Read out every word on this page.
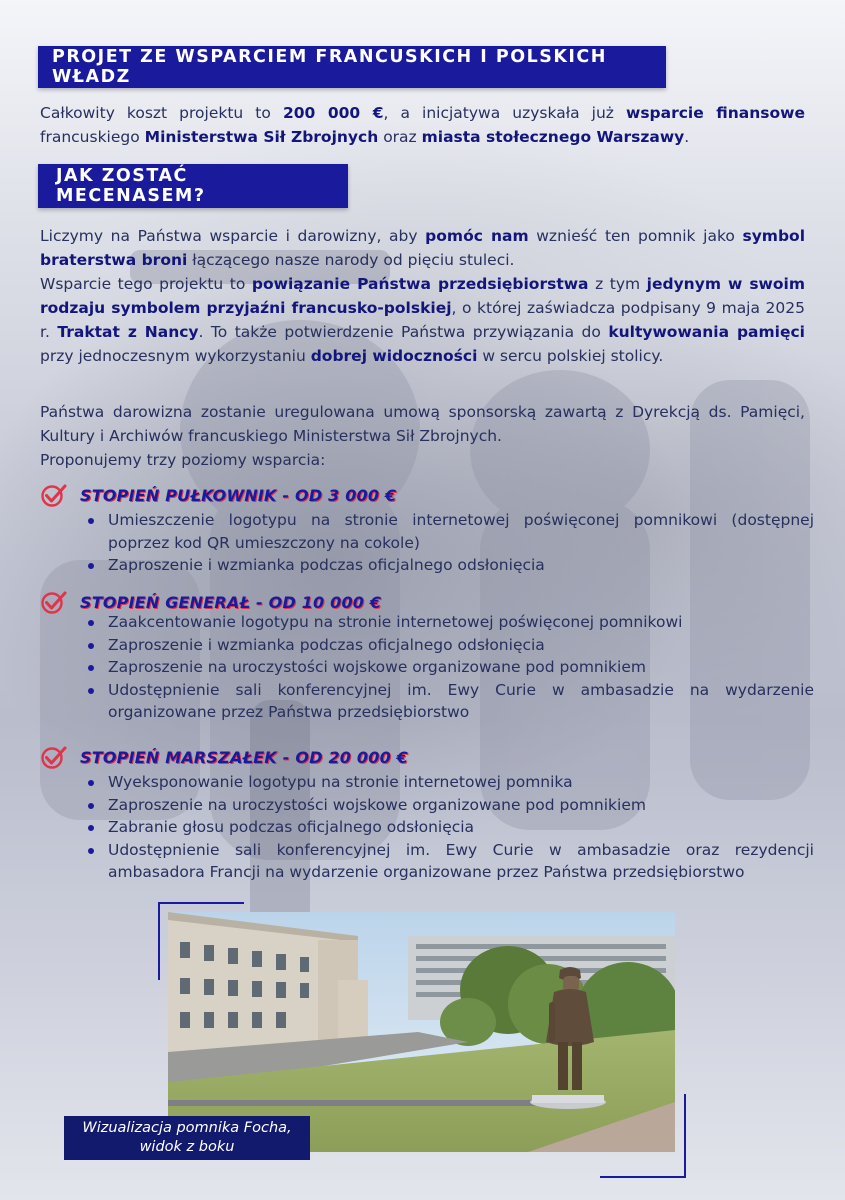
PROJET ZE WSPARCIEM FRANCUSKICH I POLSKICH WŁADZ
Całkowity koszt projektu to 200 000 €, a inicjatywa uzyskała już wsparcie finansowe francuskiego Ministerstwa Sił Zbrojnych oraz miasta stołecznego Warszawy.
JAK ZOSTAĆ MECENASEM?
Liczymy na Państwa wsparcie i darowizny, aby pomóc nam wznieść ten pomnik jako symbol braterstwa broni łączącego nasze narody od pięciu stuleci.
Wsparcie tego projektu to powiązanie Państwa przedsiębiorstwa z tym jedynym w swoim rodzaju symbolem przyjaźni francusko-polskiej, o której zaświadcza podpisany 9 maja 2025 r. Traktat z Nancy. To także potwierdzenie Państwa przywiązania do kultywowania pamięci przy jednoczesnym wykorzystaniu dobrej widoczności w sercu polskiej stolicy.
Państwa darowizna zostanie uregulowana umową sponsorską zawartą z Dyrekcją ds. Pamięci, Kultury i Archiwów francuskiego Ministerstwa Sił Zbrojnych.
Proponujemy trzy poziomy wsparcia:
STOPIEŃ PUŁKOWNIK - OD 3 000 €
Umieszczenie logotypu na stronie internetowej poświęconej pomnikowi (dostępnej poprzez kod QR umieszczony na cokole)
Zaproszenie i wzmianka podczas oficjalnego odsłonięcia
STOPIEŃ GENERAŁ - OD 10 000 €
Zaakcentowanie logotypu na stronie internetowej poświęconej pomnikowi
Zaproszenie i wzmianka podczas oficjalnego odsłonięcia
Zaproszenie na uroczystości wojskowe organizowane pod pomnikiem
Udostępnienie sali konferencyjnej im. Ewy Curie w ambasadzie na wydarzenie organizowane przez Państwa przedsiębiorstwo
STOPIEŃ MARSZAŁEK - OD 20 000 €
Wyeksponowanie logotypu na stronie internetowej pomnika
Zaproszenie na uroczystości wojskowe organizowane pod pomnikiem
Zabranie głosu podczas oficjalnego odsłonięcia
Udostępnienie sali konferencyjnej im. Ewy Curie w ambasadzie oraz rezydencji ambasadora Francji na wydarzenie organizowane przez Państwa przedsiębiorstwo
Wizualizacja pomnika Focha,
widok z boku
